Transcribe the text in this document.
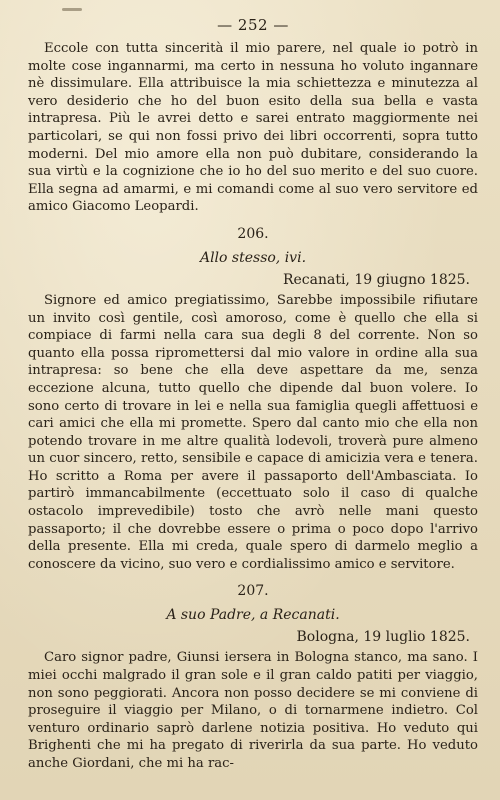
— 252 —

Eccole con tutta sincerità il mio parere, nel quale io potrò in molte cose ingannarmi, ma certo in nessuna ho voluto ingannare nè dissimulare. Ella attribuisce la mia schiettezza e minutezza al vero desiderio che ho del buon esito della sua bella e vasta intrapresa. Più le avrei detto e sarei entrato maggiormente nei particolari, se qui non fossi privo dei libri occorrenti, sopra tutto moderni. Del mio amore ella non può dubitare, considerando la sua virtù e la cognizione che io ho del suo merito e del suo cuore. Ella segna ad amarmi, e mi comandi come al suo vero servitore ed amico Giacomo Leopardi.

206.
Allo stesso, ivi.
Recanati, 19 giugno 1825.

Signore ed amico pregiatissimo, Sarebbe impossibile rifiutare un invito così gentile, così amoroso, come è quello che ella si compiace di farmi nella cara sua degli 8 del corrente. Non so quanto ella possa ripromettersi dal mio valore in ordine alla sua intrapresa: so bene che ella deve aspettare da me, senza eccezione alcuna, tutto quello che dipende dal buon volere. Io sono certo di trovare in lei e nella sua famiglia quegli affettuosi e cari amici che ella mi promette. Spero dal canto mio che ella non potendo trovare in me altre qualità lodevoli, troverà pure almeno un cuor sincero, retto, sensibile e capace di amicizia vera e tenera. Ho scritto a Roma per avere il passaporto dell'Ambasciata. Io partirò immancabilmente (eccettuato solo il caso di qualche ostacolo imprevedibile) tosto che avrò nelle mani questo passaporto; il che dovrebbe essere o prima o poco dopo l'arrivo della presente. Ella mi creda, quale spero di darmelo meglio a conoscere da vicino, suo vero e cordialissimo amico e servitore.

207.
A suo Padre, a Recanati.
Bologna, 19 luglio 1825.

Caro signor padre, Giunsi iersera in Bologna stanco, ma sano. I miei occhi malgrado il gran sole e il gran caldo patiti per viaggio, non sono peggiorati. Ancora non posso decidere se mi conviene di proseguire il viaggio per Milano, o di tornarmene indietro. Col venturo ordinario saprò darlene notizia positiva. Ho veduto qui Brighenti che mi ha pregato di riverirla da sua parte. Ho veduto anche Giordani, che mi ha rac-
